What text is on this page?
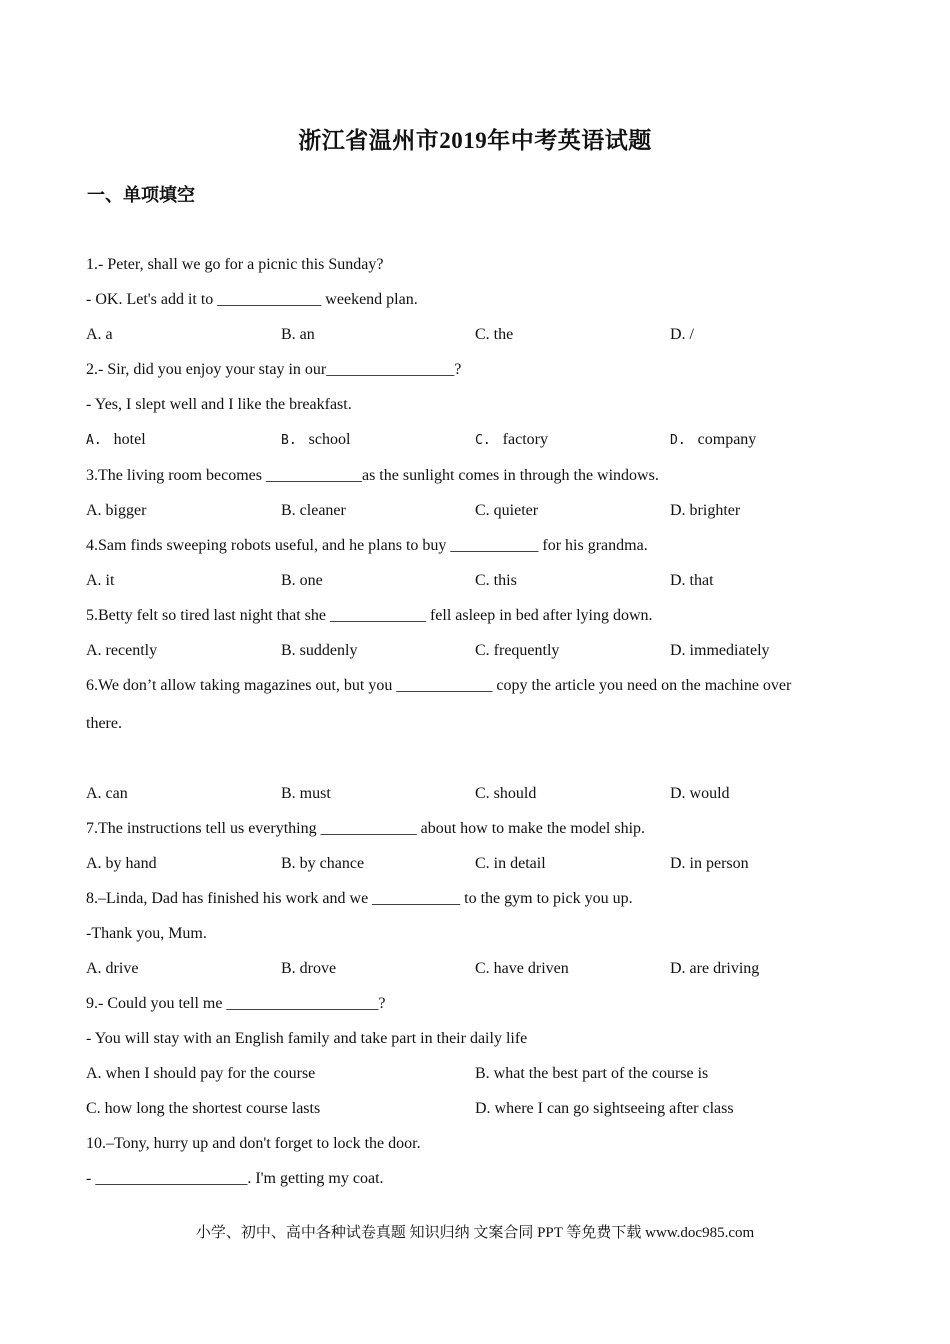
浙江省温州市2019年中考英语试题
一、单项填空
1.- Peter, shall we go for a picnic this Sunday?
- OK. Let's add it to _____________ weekend plan.
A. a	B. an	C. the	D. /
2.- Sir, did you enjoy your stay in our________________?
- Yes, I slept well and I like the breakfast.
A. hotel	B. school	C. factory	D. company
3.The living room becomes ____________as the sunlight comes in through the windows.
A. bigger	B. cleaner	C. quieter	D. brighter
4.Sam finds sweeping robots useful, and he plans to buy ___________ for his grandma.
A. it	B. one	C. this	D. that
5.Betty felt so tired last night that she ____________ fell asleep in bed after lying down.
A. recently	B. suddenly	C. frequently	D. immediately
6.We don’t allow taking magazines out, but you ____________ copy the article you need on the machine over
there.
A. can	B. must	C. should	D. would
7.The instructions tell us everything ____________ about how to make the model ship.
A. by hand	B. by chance	C. in detail	D. in person
8.–Linda, Dad has finished his work and we ___________ to the gym to pick you up.
-Thank you, Mum.
A. drive	B. drove	C. have driven	D. are driving
9.- Could you tell me ___________________?
- You will stay with an English family and take part in their daily life
A. when I should pay for the course	B. what the best part of the course is
C. how long the shortest course lasts	D. where I can go sightseeing after class
10.–Tony, hurry up and don't forget to lock the door.
- ___________________. I'm getting my coat.
小学、初中、高中各种试卷真题 知识归纳 文案合同 PPT 等免费下载 www.doc985.com
